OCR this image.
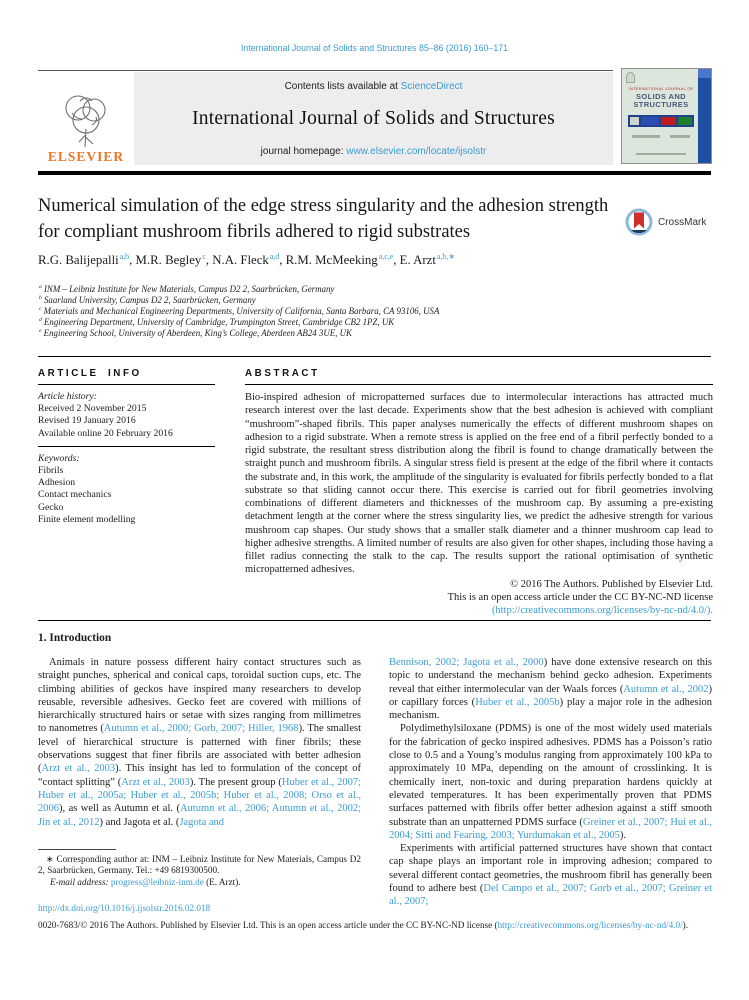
International Journal of Solids and Structures 85–86 (2016) 160–171
ELSEVIER
Contents lists available at ScienceDirect
International Journal of Solids and Structures
journal homepage: www.elsevier.com/locate/ijsolstr
INTERNATIONAL JOURNAL OF
SOLIDS AND
STRUCTURES
Numerical simulation of the edge stress singularity and the adhesion strength for compliant mushroom fibrils adhered to rigid substrates	CrossMark
R.G. Balijepalli$^{a,b}$, M.R. Begley$^c$, N.A. Fleck$^{a,d}$, R.M. McMeeking$^{a,c,e}$, E. Arzt$^{a,b,∗}$
$^a$ INM – Leibniz Institute for New Materials, Campus D2 2, Saarbrücken, Germany
$^b$ Saarland University, Campus D2 2, Saarbrücken, Germany
$^c$ Materials and Mechanical Engineering Departments, University of California, Santa Barbara, CA 93106, USA
$^d$ Engineering Department, University of Cambridge, Trumpington Street, Cambridge CB2 1PZ, UK
$^e$ Engineering School, University of Aberdeen, King’s College, Aberdeen AB24 3UE, UK
ARTICLE INFO
Article history:
Received 2 November 2015
Revised 19 January 2016
Available online 20 February 2016
Keywords:
Fibrils
Adhesion
Contact mechanics
Gecko
Finite element modelling
ABSTRACT
Bio-inspired adhesion of micropatterned surfaces due to intermolecular interactions has attracted much research interest over the last decade. Experiments show that the best adhesion is achieved with compliant “mushroom”-shaped fibrils. This paper analyses numerically the effects of different mushroom shapes on adhesion to a rigid substrate. When a remote stress is applied on the free end of a fibril perfectly bonded to a rigid substrate, the resultant stress distribution along the fibril is found to change dramatically between the straight punch and mushroom fibrils. A singular stress field is present at the edge of the fibril where it contacts the substrate and, in this work, the amplitude of the singularity is evaluated for fibrils perfectly bonded to a flat substrate so that sliding cannot occur there. This exercise is carried out for fibril geometries involving combinations of different diameters and thicknesses of the mushroom cap. By assuming a pre-existing detachment length at the corner where the stress singularity lies, we predict the adhesive strength for various mushroom cap shapes. Our study shows that a smaller stalk diameter and a thinner mushroom cap lead to higher adhesive strengths. A limited number of results are also given for other shapes, including those having a fillet radius connecting the stalk to the cap. The results support the rational optimisation of synthetic micropatterned adhesives.
© 2016 The Authors. Published by Elsevier Ltd.
This is an open access article under the CC BY-NC-ND license
(http://creativecommons.org/licenses/by-nc-nd/4.0/).
1. Introduction

Animals in nature possess different hairy contact structures such as straight punches, spherical and conical caps, toroidal suction cups, etc. The climbing abilities of geckos have inspired many researchers to develop reusable, reversible adhesives. Gecko feet are covered with millions of hierarchically structured hairs or setae with sizes ranging from millimetres to nanometres (Autumn et al., 2000; Gorb, 2007; Hiller, 1968). The smallest level of hierarchical structure is patterned with finer fibrils; these observations suggest that finer fibrils are associated with better adhesion (Arzt et al., 2003). This insight has led to formulation of the concept of “contact splitting” (Arzt et al., 2003). The present group (Huber et al., 2007; Huber et al., 2005a; Huber et al., 2005b; Huber et al., 2008; Orso et al., 2006), as well as Autumn et al. (Autumn et al., 2006; Autumn et al., 2002; Jin et al., 2012) and Jagota et al. (Jagota and

Bennison, 2002; Jagota et al., 2000) have done extensive research on this topic to understand the mechanism behind gecko adhesion. Experiments reveal that either intermolecular van der Waals forces (Autumn et al., 2002) or capillary forces (Huber et al., 2005b) play a major role in the adhesion mechanism.

Polydimethylsiloxane (PDMS) is one of the most widely used materials for the fabrication of gecko inspired adhesives. PDMS has a Poisson’s ratio close to 0.5 and a Young’s modulus ranging from approximately 100 kPa to approximately 10 MPa, depending on the amount of crosslinking. It is chemically inert, non-toxic and during preparation hardens quickly at elevated temperatures. It has been experimentally proven that PDMS surfaces patterned with fibrils offer better adhesion against a stiff smooth substrate than an unpatterned PDMS surface (Greiner et al., 2007; Hui et al., 2004; Sitti and Fearing, 2003; Yurdumakan et al., 2005).

Experiments with artificial patterned structures have shown that contact cap shape plays an important role in improving adhesion; compared to several different contact geometries, the mushroom fibril has generally been found to adhere best (Del Campo et al., 2007; Gorb et al., 2007; Greiner et al., 2007;

∗ Corresponding author at: INM – Leibniz Institute for New Materials, Campus D2 2, Saarbrücken, Germany. Tel.: +49 6819300500.
E-mail address: progress@leibniz-inm.de (E. Arzt).
http://dx.doi.org/10.1016/j.ijsolstr.2016.02.018
0020-7683/© 2016 The Authors. Published by Elsevier Ltd. This is an open access article under the CC BY-NC-ND license (http://creativecommons.org/licenses/by-nc-nd/4.0/).
